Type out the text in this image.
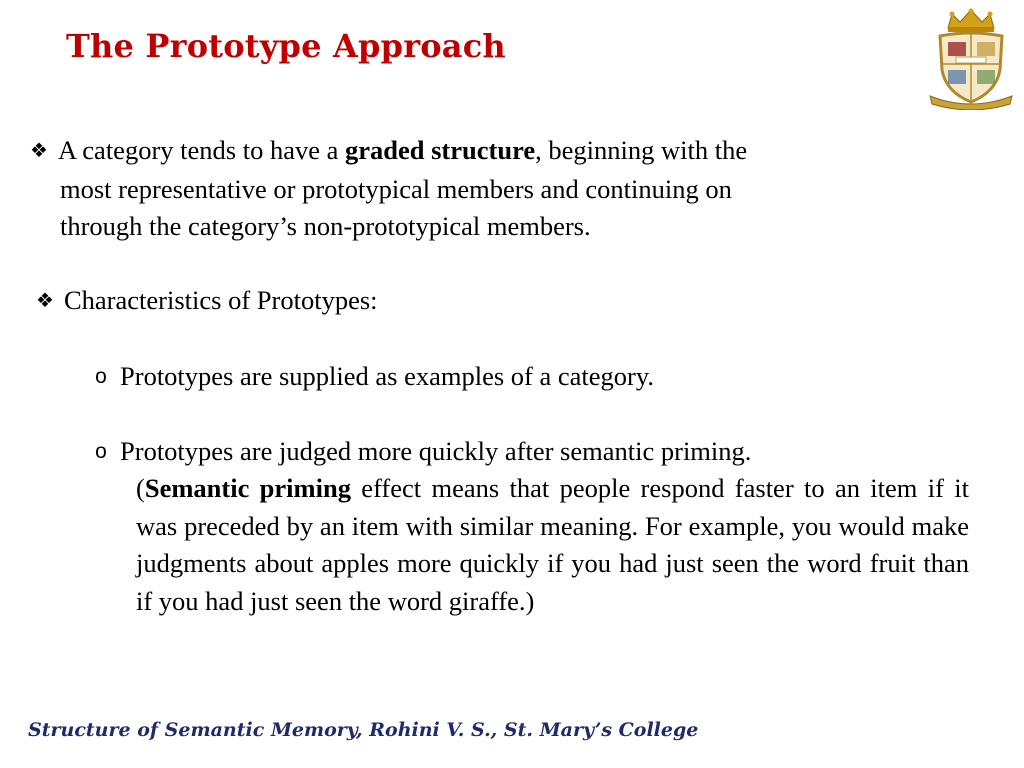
The Prototype Approach
❖ A category tends to have a graded structure, beginning with the
most representative or prototypical members and continuing on
through the category’s non-prototypical members.
❖ Characteristics of Prototypes:
o Prototypes are supplied as examples of a category.
o Prototypes are judged more quickly after semantic priming.
(Semantic priming effect means that people respond faster to an item if it was preceded by an item with similar meaning. For example, you would make judgments about apples more quickly if you had just seen the word fruit than if you had just seen the word giraffe.)
Structure of Semantic Memory, Rohini V. S., St. Mary’s College
